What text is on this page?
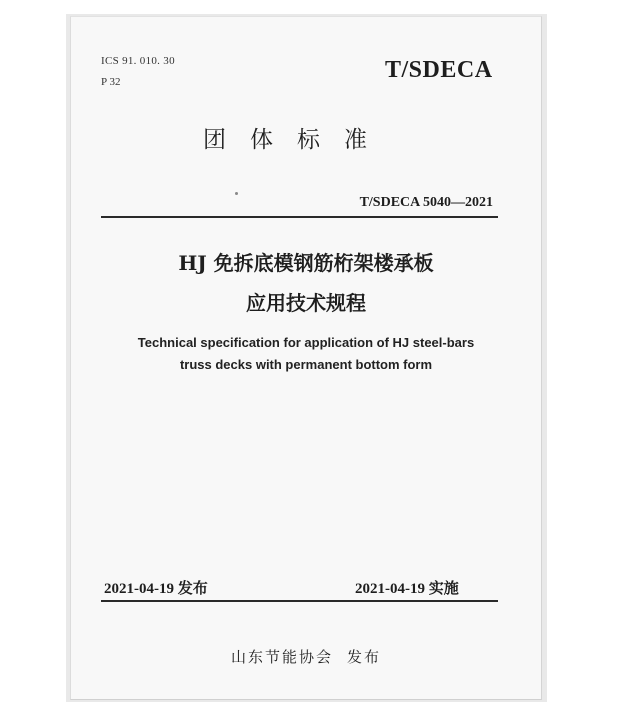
ICS 91. 010. 30
P 32	T/SDECA
团体标准
T/SDECA 5040—2021
HJ 免拆底模钢筋桁架楼承板
应用技术规程
Technical specification for application of HJ steel-bars
truss decks with permanent bottom form
2021-04-19 发布	2021-04-19 实施
山东节能协会 发布
